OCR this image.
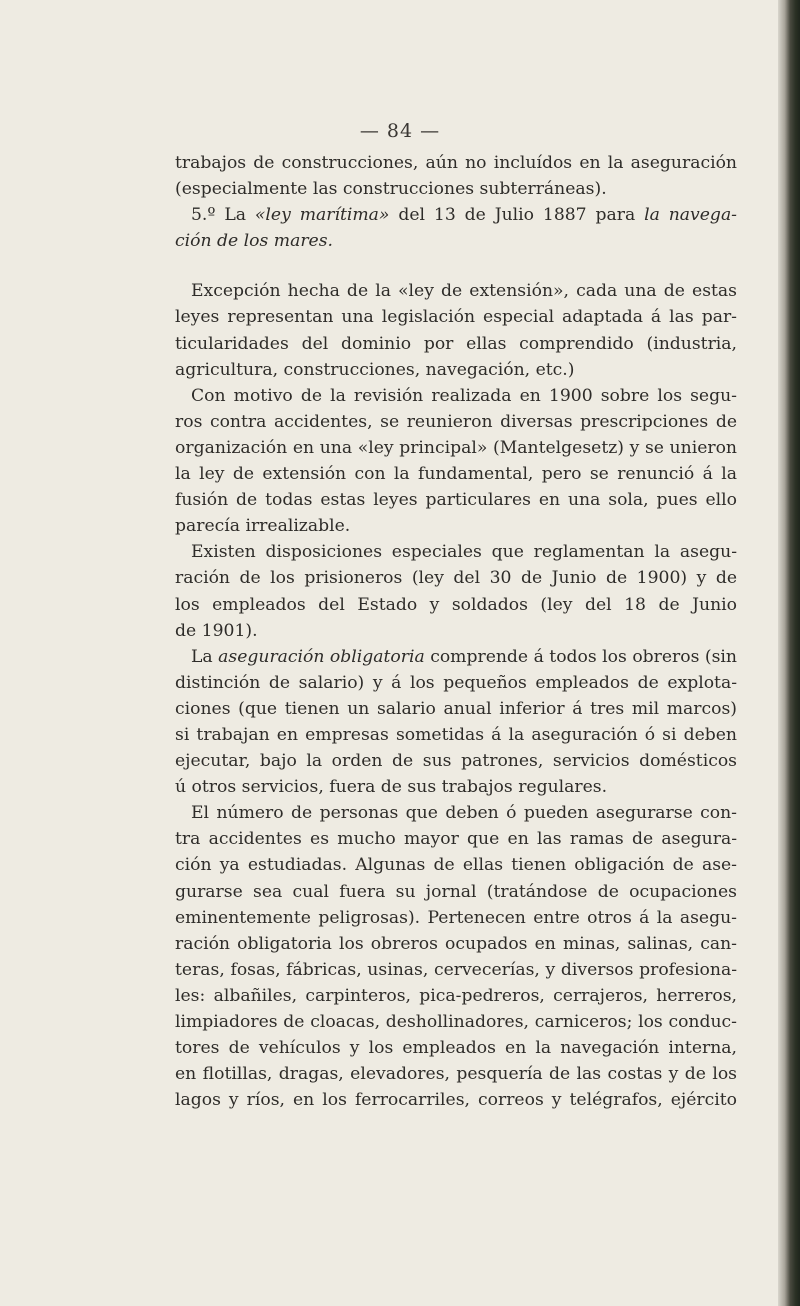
— 84 —
trabajos de construcciones, aún no incluídos en la aseguración
(especialmente las construcciones subterráneas).
5.º La «ley marítima» del 13 de Julio 1887 para la navega-
ción de los mares.
Excepción hecha de la «ley de extensión», cada una de estas
leyes representan una legislación especial adaptada á las par-
ticularidades del dominio por ellas comprendido (industria,
agricultura, construcciones, navegación, etc.)
Con motivo de la revisión realizada en 1900 sobre los segu-
ros contra accidentes, se reunieron diversas prescripciones de
organización en una «ley principal» (Mantelgesetz) y se unieron
la ley de extensión con la fundamental, pero se renunció á la
fusión de todas estas leyes particulares en una sola, pues ello
parecía irrealizable.
Existen disposiciones especiales que reglamentan la asegu-
ración de los prisioneros (ley del 30 de Junio de 1900) y de
los empleados del Estado y soldados (ley del 18 de Junio
de 1901).
La aseguración obligatoria comprende á todos los obreros (sin
distinción de salario) y á los pequeños empleados de explota-
ciones (que tienen un salario anual inferior á tres mil marcos)
si trabajan en empresas sometidas á la aseguración ó si deben
ejecutar, bajo la orden de sus patrones, servicios domésticos
ú otros servicios, fuera de sus trabajos regulares.
El número de personas que deben ó pueden asegurarse con-
tra accidentes es mucho mayor que en las ramas de asegura-
ción ya estudiadas. Algunas de ellas tienen obligación de ase-
gurarse sea cual fuera su jornal (tratándose de ocupaciones
eminentemente peligrosas). Pertenecen entre otros á la asegu-
ración obligatoria los obreros ocupados en minas, salinas, can-
teras, fosas, fábricas, usinas, cervecerías, y diversos profesiona-
les: albañiles, carpinteros, pica-pedreros, cerrajeros, herreros,
limpiadores de cloacas, deshollinadores, carniceros; los conduc-
tores de vehículos y los empleados en la navegación interna,
en flotillas, dragas, elevadores, pesquería de las costas y de los
lagos y ríos, en los ferrocarriles, correos y telégrafos, ejército
